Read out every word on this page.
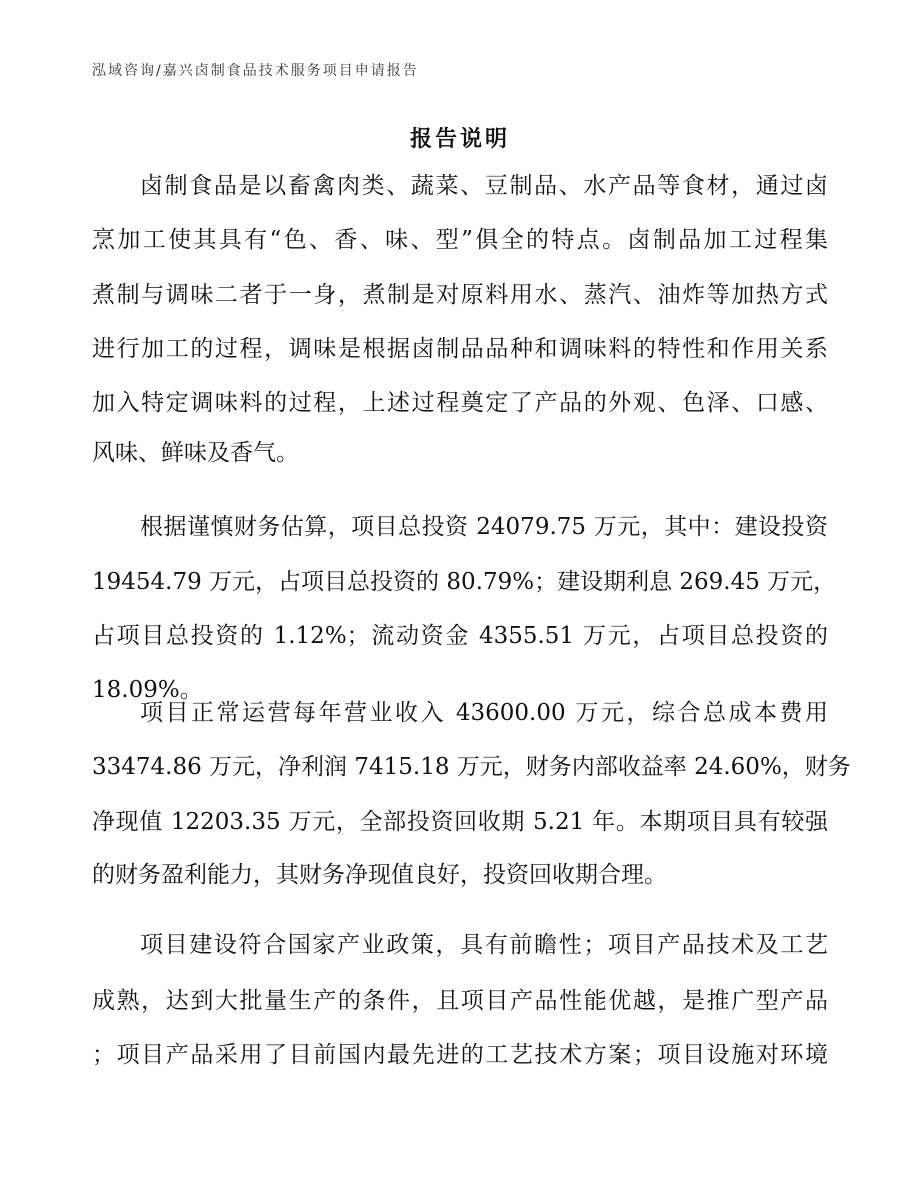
泓域咨询/嘉兴卤制食品技术服务项目申请报告
报告说明
卤制食品是以畜禽肉类、蔬菜、豆制品、水产品等食材，通过卤
烹加工使其具有“色、香、味、型”俱全的特点。卤制品加工过程集
煮制与调味二者于一身，煮制是对原料用水、蒸汽、油炸等加热方式
进行加工的过程，调味是根据卤制品品种和调味料的特性和作用关系
加入特定调味料的过程，上述过程奠定了产品的外观、色泽、口感、
风味、鲜味及香气。
根据谨慎财务估算，项目总投资 24079.75 万元，其中：建设投资
19454.79 万元，占项目总投资的 80.79%；建设期利息 269.45 万元，
占项目总投资的 1.12%；流动资金 4355.51 万元，占项目总投资的
18.09%。
项目正常运营每年营业收入 43600.00 万元，综合总成本费用
33474.86 万元，净利润 7415.18 万元，财务内部收益率 24.60%，财务
净现值 12203.35 万元，全部投资回收期 5.21 年。本期项目具有较强
的财务盈利能力，其财务净现值良好，投资回收期合理。
项目建设符合国家产业政策，具有前瞻性；项目产品技术及工艺
成熟，达到大批量生产的条件，且项目产品性能优越，是推广型产品
；项目产品采用了目前国内最先进的工艺技术方案；项目设施对环境
